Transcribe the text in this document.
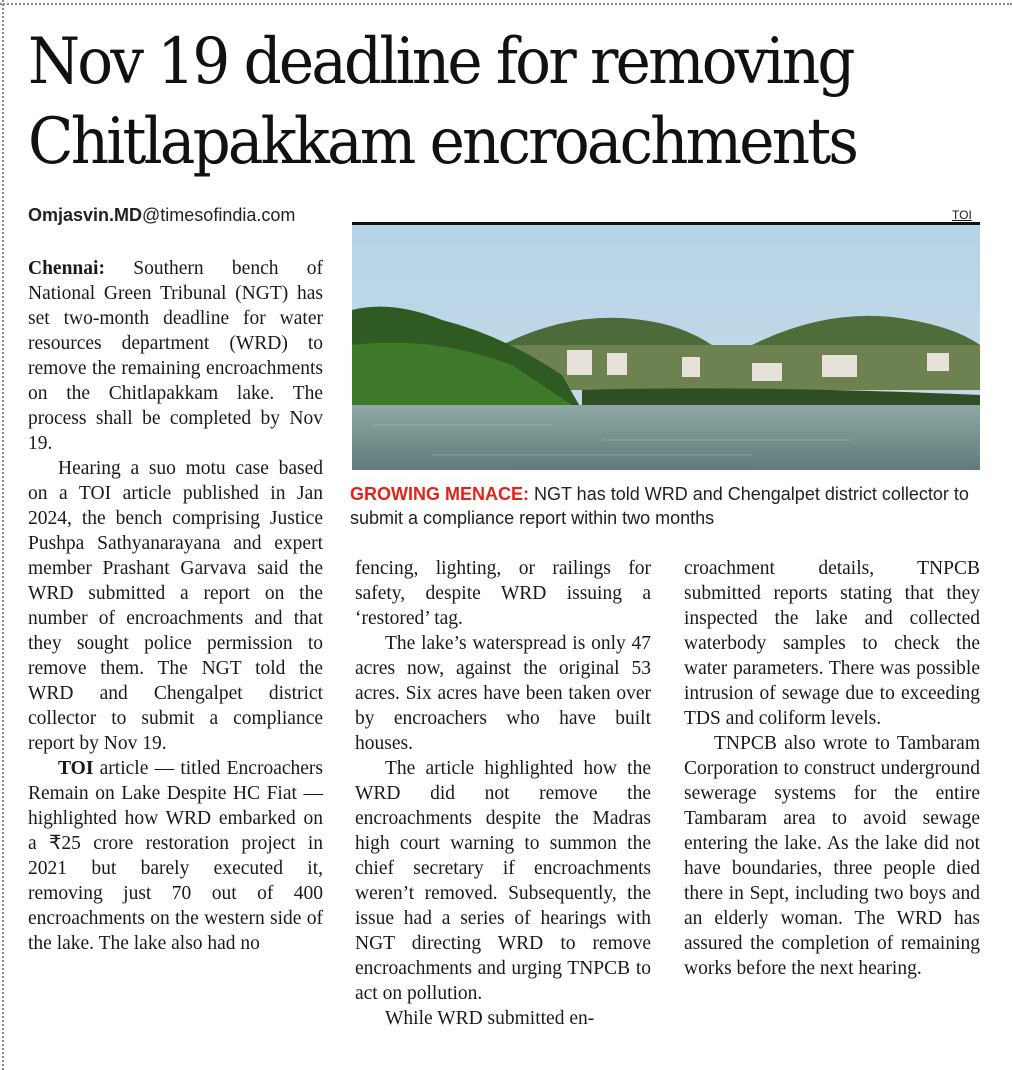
Nov 19 deadline for removing
Chitlapakkam encroachments
Omjasvin.MD@timesofindia.com	TOI
GROWING MENACE: NGT has told WRD and Chengalpet district collector to submit a compliance report within two months

Chennai: Southern bench of National Green Tribunal (NGT) has set two-month deadline for water resources department (WRD) to remove the remaining encroachments on the Chitlapakkam lake. The process shall be completed by Nov 19.

Hearing a suo motu case based on a TOI article published in Jan 2024, the bench comprising Justice Pushpa Sathyanarayana and expert member Prashant Garvava said the WRD submitted a report on the number of encroachments and that they sought police permission to remove them. The NGT told the WRD and Chengalpet district collector to submit a compliance report by Nov 19.

TOI article — titled Encroachers Remain on Lake Despite HC Fiat — highlighted how WRD embarked on a ₹25 crore restoration project in 2021 but barely executed it, removing just 70 out of 400 encroachments on the western side of the lake. The lake also had no

fencing, lighting, or railings for safety, despite WRD issuing a ‘restored’ tag.

The lake’s waterspread is only 47 acres now, against the original 53 acres. Six acres have been taken over by encroachers who have built houses.

The article highlighted how the WRD did not remove the encroachments despite the Madras high court warning to summon the chief secretary if encroachments weren’t removed. Subsequently, the issue had a series of hearings with NGT directing WRD to remove encroachments and urging TNPCB to act on pollution.

While WRD submitted en-

croachment details, TNPCB submitted reports stating that they inspected the lake and collected waterbody samples to check the water parameters. There was possible intrusion of sewage due to exceeding TDS and coliform levels.

TNPCB also wrote to Tambaram Corporation to construct underground sewerage systems for the entire Tambaram area to avoid sewage entering the lake. As the lake did not have boundaries, three people died there in Sept, including two boys and an elderly woman. The WRD has assured the completion of remaining works before the next hearing.
